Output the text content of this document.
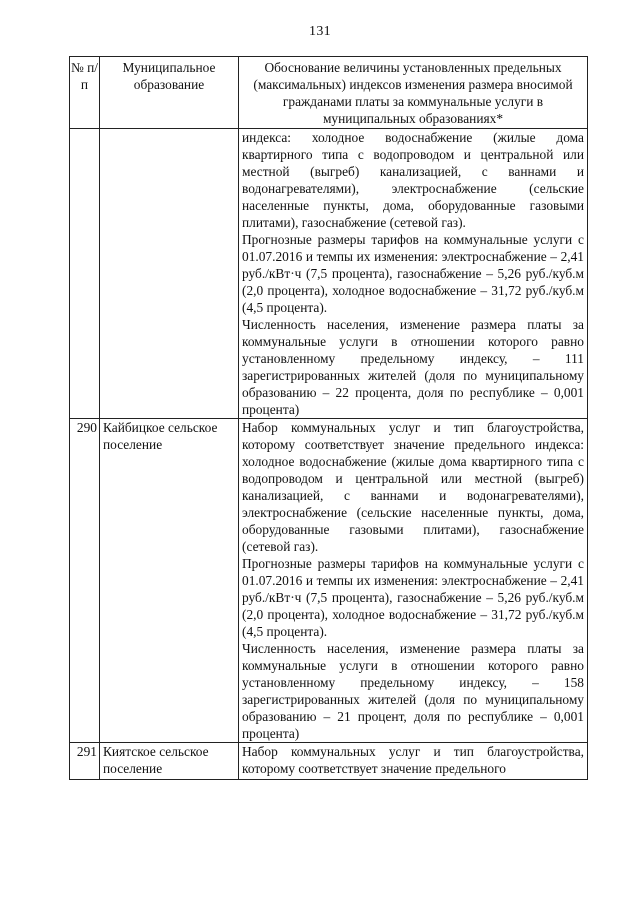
131
№ п/п	Муниципальное образование	Обоснование величины установленных предельных (максимальных) индексов изменения размера вносимой гражданами платы за коммунальные услуги в муниципальных образованиях*

		индекса: холодное водоснабжение (жилые дома квартирного типа с водопроводом и центральной или местной (выгреб) канализацией, с ваннами и водонагревателями), электроснабжение (сельские населенные пункты, дома, оборудованные газовыми плитами), газоснабжение (сетевой газ).

Прогнозные размеры тарифов на коммунальные услуги с 01.07.2016 и темпы их изменения: электроснабжение – 2,41 руб./кВт·ч (7,5 процента), газоснабжение – 5,26 руб./куб.м (2,0 процента), холодное водоснабжение – 31,72 руб./куб.м (4,5 процента).

Численность населения, изменение размера платы за коммунальные услуги в отношении которого равно установленному предельному индексу, – 111 зарегистрированных жителей (доля по муниципальному образованию – 22 процента, доля по республике – 0,001 процента)

290	Кайбицкое сельское поселение	Набор коммунальных услуг и тип благоустройства, которому соответствует значение предельного индекса: холодное водоснабжение (жилые дома квартирного типа с водопроводом и центральной или местной (выгреб) канализацией, с ваннами и водонагревателями), электроснабжение (сельские населенные пункты, дома, оборудованные газовыми плитами), газоснабжение (сетевой газ).

Прогнозные размеры тарифов на коммунальные услуги с 01.07.2016 и темпы их изменения: электроснабжение – 2,41 руб./кВт·ч (7,5 процента), газоснабжение – 5,26 руб./куб.м (2,0 процента), холодное водоснабжение – 31,72 руб./куб.м (4,5 процента).

Численность населения, изменение размера платы за коммунальные услуги в отношении которого равно установленному предельному индексу, – 158 зарегистрированных жителей (доля по муниципальному образованию – 21 процент, доля по республике – 0,001 процента)

291	Киятское сельское поселение	Набор коммунальных услуг и тип благоустройства, которому соответствует значение предельного
